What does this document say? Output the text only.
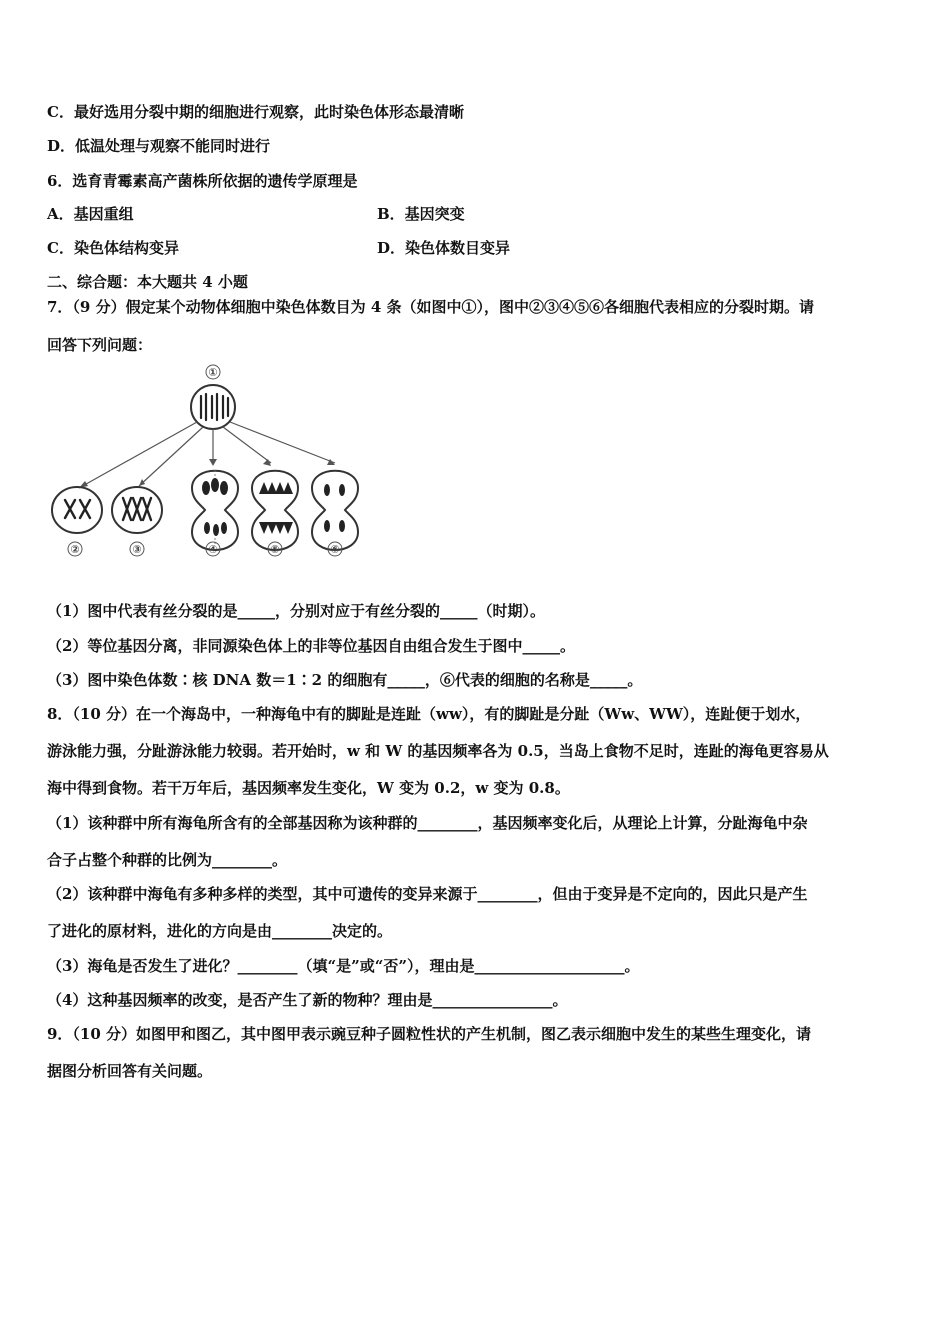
C．最好选用分裂中期的细胞进行观察，此时染色体形态最清晰
D．低温处理与观察不能同时进行
6．选育青霉素高产菌株所依据的遗传学原理是
A．基因重组	B．基因突变
C．染色体结构变异	D．染色体数目变异
二、综合题：本大题共 4 小题
7．（9 分）假定某个动物体细胞中染色体数目为 4 条（如图中①），图中②③④⑤⑥各细胞代表相应的分裂时期。请
回答下列问题：
①
②	③	④	⑤	⑥
（1）图中代表有丝分裂的是_____，分别对应于有丝分裂的_____（时期）。
（2）等位基因分离，非同源染色体上的非等位基因自由组合发生于图中_____。
（3）图中染色体数∶核 DNA 数＝1∶2 的细胞有_____，⑥代表的细胞的名称是_____。
8．（10 分）在一个海岛中，一种海龟中有的脚趾是连趾（ww），有的脚趾是分趾（Ww、WW），连趾便于划水，
游泳能力强，分趾游泳能力较弱。若开始时，w 和 W 的基因频率各为 0.5，当岛上食物不足时，连趾的海龟更容易从
海中得到食物。若干万年后，基因频率发生变化，W 变为 0.2，w 变为 0.8。
（1）该种群中所有海龟所含有的全部基因称为该种群的________，基因频率变化后，从理论上计算，分趾海龟中杂
合子占整个种群的比例为________。
（2）该种群中海龟有多种多样的类型，其中可遗传的变异来源于________，但由于变异是不定向的，因此只是产生
了进化的原材料，进化的方向是由________决定的。
（3）海龟是否发生了进化？________（填“是”或“否”），理由是____________________。
（4）这种基因频率的改变，是否产生了新的物种？理由是________________。
9．（10 分）如图甲和图乙，其中图甲表示豌豆种子圆粒性状的产生机制，图乙表示细胞中发生的某些生理变化，请
据图分析回答有关问题。
